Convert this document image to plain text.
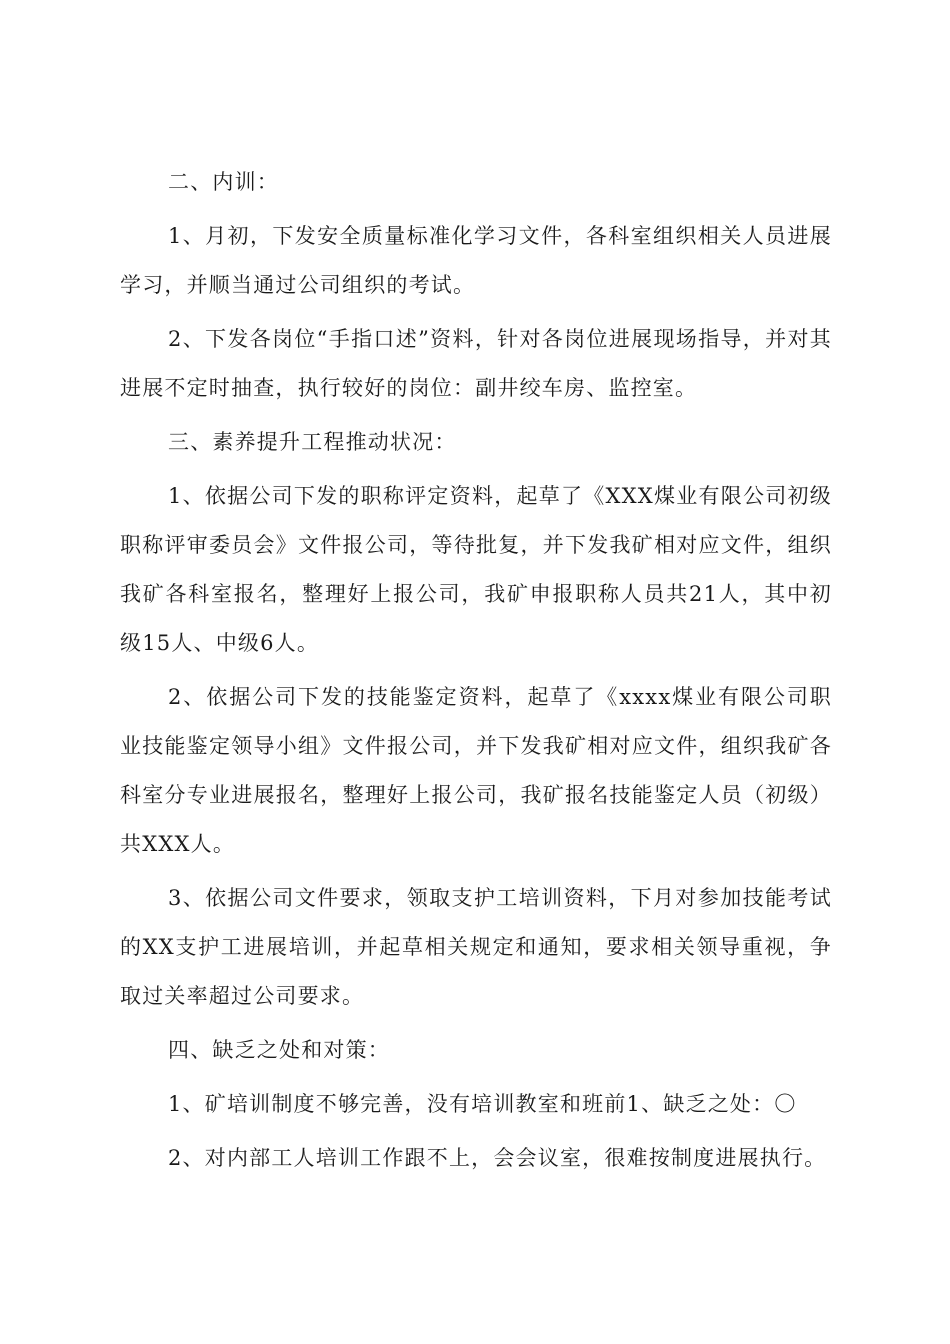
二、内训：

1、月初，下发安全质量标准化学习文件，各科室组织相关人员进展学习，并顺当通过公司组织的考试。

2、下发各岗位“手指口述”资料，针对各岗位进展现场指导，并对其进展不定时抽查，执行较好的岗位：副井绞车房、监控室。

三、素养提升工程推动状况：

1、依据公司下发的职称评定资料，起草了《XXX煤业有限公司初级职称评审委员会》文件报公司，等待批复，并下发我矿相对应文件，组织我矿各科室报名，整理好上报公司，我矿申报职称人员共21人，其中初级15人、中级6人。

2、依据公司下发的技能鉴定资料，起草了《xxxx煤业有限公司职业技能鉴定领导小组》文件报公司，并下发我矿相对应文件，组织我矿各科室分专业进展报名，整理好上报公司，我矿报名技能鉴定人员（初级）共XXX人。

3、依据公司文件要求，领取支护工培训资料，下月对参加技能考试的XX支护工进展培训，并起草相关规定和通知，要求相关领导重视，争取过关率超过公司要求。

四、缺乏之处和对策：

1、矿培训制度不够完善，没有培训教室和班前1、缺乏之处：〇

2、对内部工人培训工作跟不上，会会议室，很难按制度进展执行。
